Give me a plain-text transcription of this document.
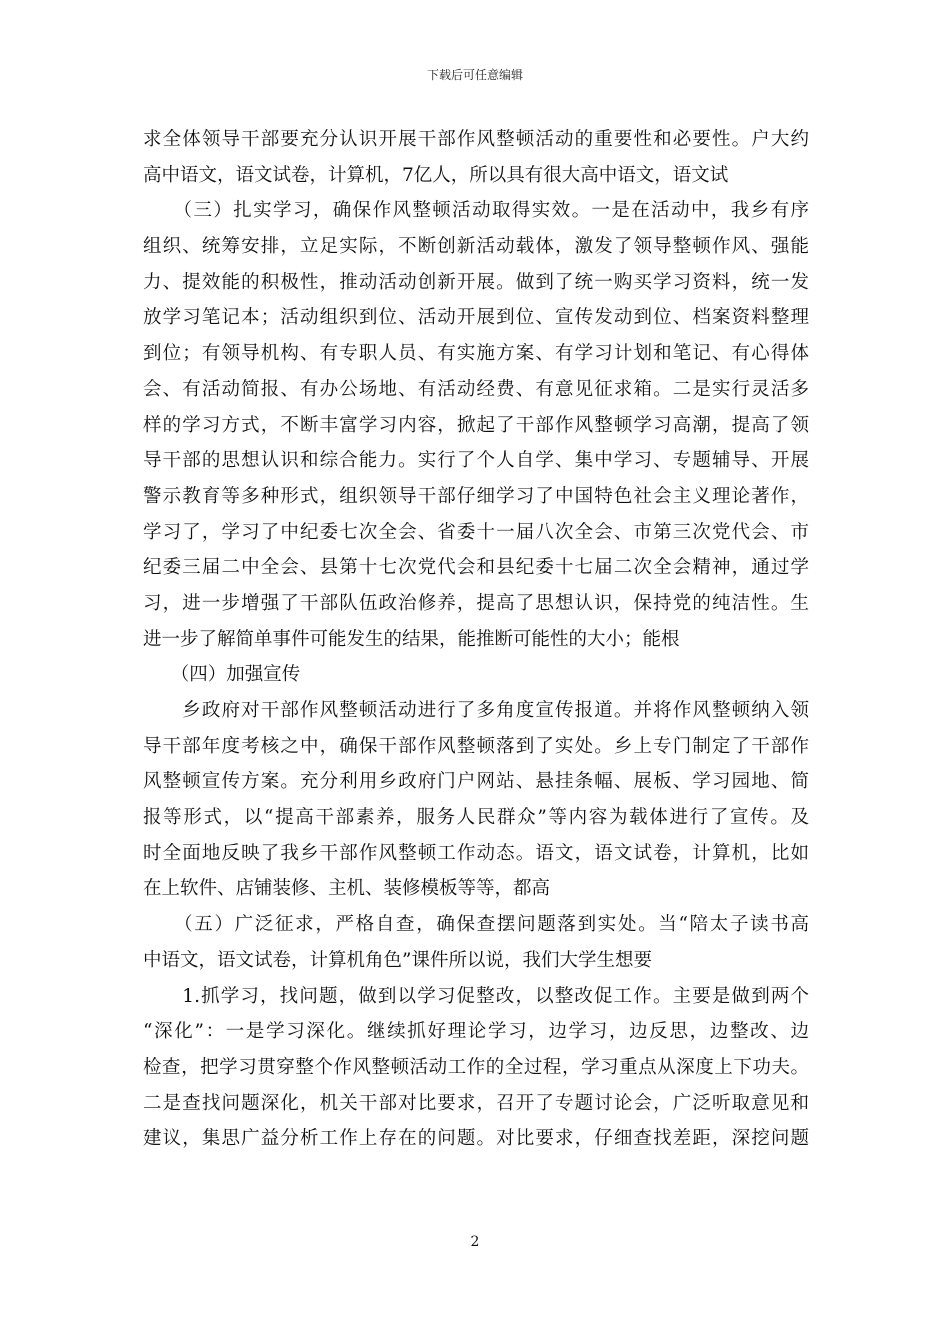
下载后可任意编辑
求全体领导干部要充分认识开展干部作风整顿活动的重要性和必要性。户大约
高中语文，语文试卷，计算机，7亿人，所以具有很大高中语文，语文试
　　（三）扎实学习，确保作风整顿活动取得实效。一是在活动中，我乡有序
组织、统筹安排，立足实际，不断创新活动载体，激发了领导整顿作风、强能
力、提效能的积极性，推动活动创新开展。做到了统一购买学习资料，统一发
放学习笔记本；活动组织到位、活动开展到位、宣传发动到位、档案资料整理
到位；有领导机构、有专职人员、有实施方案、有学习计划和笔记、有心得体
会、有活动简报、有办公场地、有活动经费、有意见征求箱。二是实行灵活多
样的学习方式，不断丰富学习内容，掀起了干部作风整顿学习高潮，提高了领
导干部的思想认识和综合能力。实行了个人自学、集中学习、专题辅导、开展
警示教育等多种形式，组织领导干部仔细学习了中国特色社会主义理论著作，
学习了，学习了中纪委七次全会、省委十一届八次全会、市第三次党代会、市
纪委三届二中全会、县第十七次党代会和县纪委十七届二次全会精神，通过学
习，进一步增强了干部队伍政治修养，提高了思想认识，保持党的纯洁性。生
进一步了解简单事件可能发生的结果，能推断可能性的大小；能根
　　（四）加强宣传
　　乡政府对干部作风整顿活动进行了多角度宣传报道。并将作风整顿纳入领
导干部年度考核之中，确保干部作风整顿落到了实处。乡上专门制定了干部作
风整顿宣传方案。充分利用乡政府门户网站、悬挂条幅、展板、学习园地、简
报等形式，以“提高干部素养，服务人民群众”等内容为载体进行了宣传。及
时全面地反映了我乡干部作风整顿工作动态。语文，语文试卷，计算机，比如
在上软件、店铺装修、主机、装修模板等等，都高
　　（五）广泛征求，严格自查，确保查摆问题落到实处。当“陪太子读书高
中语文，语文试卷，计算机角色”课件所以说，我们大学生想要
　　1.抓学习，找问题，做到以学习促整改，以整改促工作。主要是做到两个
“深化”：一是学习深化。继续抓好理论学习，边学习，边反思，边整改、边
检查，把学习贯穿整个作风整顿活动工作的全过程，学习重点从深度上下功夫。
二是查找问题深化，机关干部对比要求，召开了专题讨论会，广泛听取意见和
建议，集思广益分析工作上存在的问题。对比要求，仔细查找差距，深挖问题
2
